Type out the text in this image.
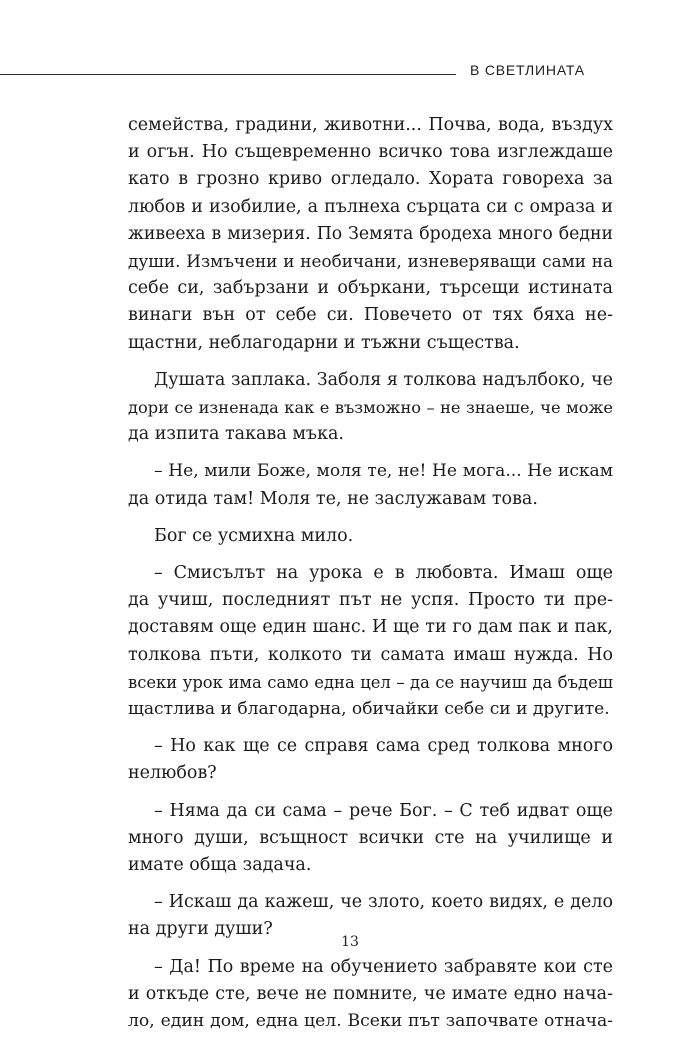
В СВЕТЛИНАТА

семейства, градини, животни... Почва, вода, въздух
и огън. Но същевременно всичко това изглеждаше
като в грозно криво огледало. Хората говореха за
любов и изобилие, а пълнеха сърцата си с омраза и
живееха в мизерия. По Земята бродеха много бедни
души. Измъчени и необичани, изневеряващи сами на
себе си, забързани и объркани, търсещи истината
винаги вън от себе си. Повечето от тях бяха не-
щастни, неблагодарни и тъжни същества.

Душата заплака. Заболя я толкова надълбоко, че
дори се изненада как е възможно – не знаеше, че може
да изпита такава мъка.

– Не, мили Боже, моля те, не! Не мога... Не искам
да отида там! Моля те, не заслужавам това.

Бог се усмихна мило.

– Смисълът на урока е в любовта. Имаш още
да учиш, последният път не успя. Просто ти пре-
доставям още един шанс. И ще ти го дам пак и пак,
толкова пъти, колкото ти самата имаш нужда. Но
всеки урок има само една цел – да се научиш да бъдеш
щастлива и благодарна, обичайки себе си и другите.

– Но как ще се справя сама сред толкова много
нелюбов?

– Няма да си сама – рече Бог. – С теб идват още
много души, всъщност всички сте на училище и
имате обща задача.

– Искаш да кажеш, че злото, което видях, е дело
на други души?

– Да! По време на обучението забравяте кои сте
и откъде сте, вече не помните, че имате едно нача-
ло, един дом, една цел. Всеки път започвате отнача-

13
